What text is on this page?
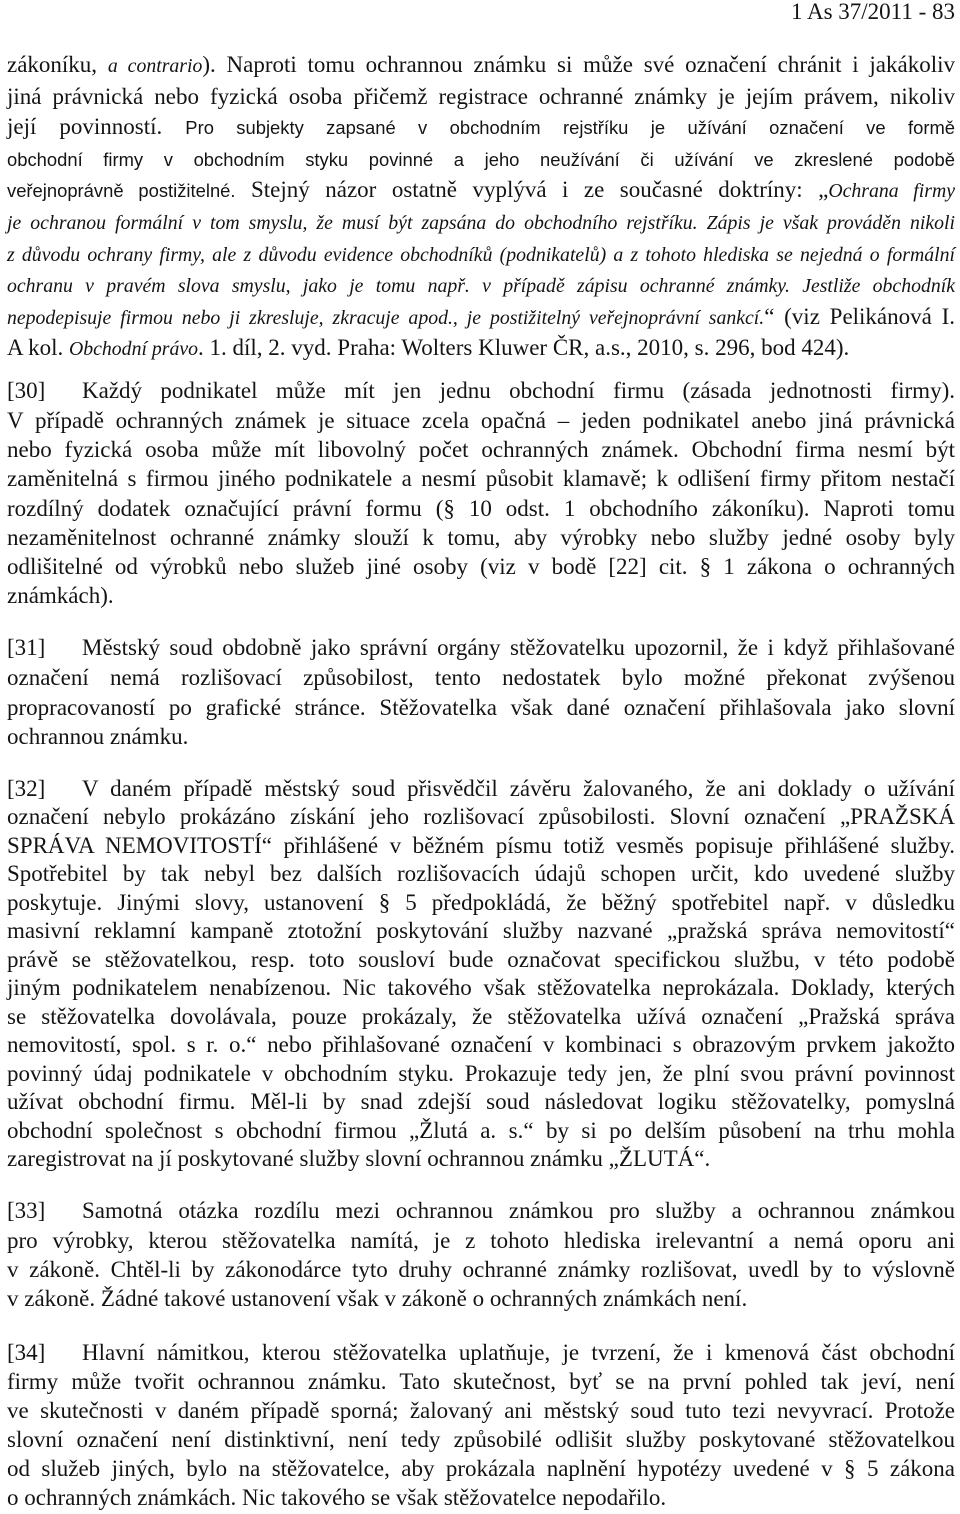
1 As 37/2011 - 83
zákoníku, a contrario). Naproti tomu ochrannou známku si může své označení chránit i jakákoliv
jiná právnická nebo fyzická osoba přičemž registrace ochranné známky je jejím právem, nikoliv
její povinností. Pro subjekty zapsané v obchodním rejstříku je užívání označení ve formě
obchodní firmy v obchodním styku povinné a jeho neužívání či užívání ve zkreslené podobě
veřejnoprávně postižitelné. Stejný názor ostatně vyplývá i ze současné doktríny: „Ochrana firmy
je ochranou formální v tom smyslu, že musí být zapsána do obchodního rejstříku. Zápis je však prováděn nikoli
z důvodu ochrany firmy, ale z důvodu evidence obchodníků (podnikatelů) a z tohoto hlediska se nejedná o formální
ochranu v pravém slova smyslu, jako je tomu např. v případě zápisu ochranné známky. Jestliže obchodník
nepodepisuje firmou nebo ji zkresluje, zkracuje apod., je postižitelný veřejnoprávní sankcí.“ (viz Pelikánová I.
A kol. Obchodní právo. 1. díl, 2. vyd. Praha: Wolters Kluwer ČR, a.s., 2010, s. 296, bod 424).
[30] Každý podnikatel může mít jen jednu obchodní firmu (zásada jednotnosti firmy).
V případě ochranných známek je situace zcela opačná – jeden podnikatel anebo jiná právnická
nebo fyzická osoba může mít libovolný počet ochranných známek. Obchodní firma nesmí být
zaměnitelná s firmou jiného podnikatele a nesmí působit klamavě; k odlišení firmy přitom nestačí
rozdílný dodatek označující právní formu (§ 10 odst. 1 obchodního zákoníku). Naproti tomu
nezaměnitelnost ochranné známky slouží k tomu, aby výrobky nebo služby jedné osoby byly
odlišitelné od výrobků nebo služeb jiné osoby (viz v bodě [22] cit. § 1 zákona o ochranných
známkách).
[31] Městský soud obdobně jako správní orgány stěžovatelku upozornil, že i když přihlašované
označení nemá rozlišovací způsobilost, tento nedostatek bylo možné překonat zvýšenou
propracovaností po grafické stránce. Stěžovatelka však dané označení přihlašovala jako slovní
ochrannou známku.
[32] V daném případě městský soud přisvědčil závěru žalovaného, že ani doklady o užívání
označení nebylo prokázáno získání jeho rozlišovací způsobilosti. Slovní označení „PRAŽSKÁ
SPRÁVA NEMOVITOSTÍ“ přihlášené v běžném písmu totiž vesměs popisuje přihlášené služby.
Spotřebitel by tak nebyl bez dalších rozlišovacích údajů schopen určit, kdo uvedené služby
poskytuje. Jinými slovy, ustanovení § 5 předpokládá, že běžný spotřebitel např. v důsledku
masivní reklamní kampaně ztotožní poskytování služby nazvané „pražská správa nemovitostí“
právě se stěžovatelkou, resp. toto sousloví bude označovat specifickou službu, v této podobě
jiným podnikatelem nenabízenou. Nic takového však stěžovatelka neprokázala. Doklady, kterých
se stěžovatelka dovolávala, pouze prokázaly, že stěžovatelka užívá označení „Pražská správa
nemovitostí, spol. s r. o.“ nebo přihlašované označení v kombinaci s obrazovým prvkem jakožto
povinný údaj podnikatele v obchodním styku. Prokazuje tedy jen, že plní svou právní povinnost
užívat obchodní firmu. Měl-li by snad zdejší soud následovat logiku stěžovatelky, pomyslná
obchodní společnost s obchodní firmou „Žlutá a. s.“ by si po delším působení na trhu mohla
zaregistrovat na jí poskytované služby slovní ochrannou známku „ŽLUTÁ“.
[33] Samotná otázka rozdílu mezi ochrannou známkou pro služby a ochrannou známkou
pro výrobky, kterou stěžovatelka namítá, je z tohoto hlediska irelevantní a nemá oporu ani
v zákoně. Chtěl-li by zákonodárce tyto druhy ochranné známky rozlišovat, uvedl by to výslovně
v zákoně. Žádné takové ustanovení však v zákoně o ochranných známkách není.
[34] Hlavní námitkou, kterou stěžovatelka uplatňuje, je tvrzení, že i kmenová část obchodní
firmy může tvořit ochrannou známku. Tato skutečnost, byť se na první pohled tak jeví, není
ve skutečnosti v daném případě sporná; žalovaný ani městský soud tuto tezi nevyvrací. Protože
slovní označení není distinktivní, není tedy způsobilé odlišit služby poskytované stěžovatelkou
od služeb jiných, bylo na stěžovatelce, aby prokázala naplnění hypotézy uvedené v § 5 zákona
o ochranných známkách. Nic takového se však stěžovatelce nepodařilo.
